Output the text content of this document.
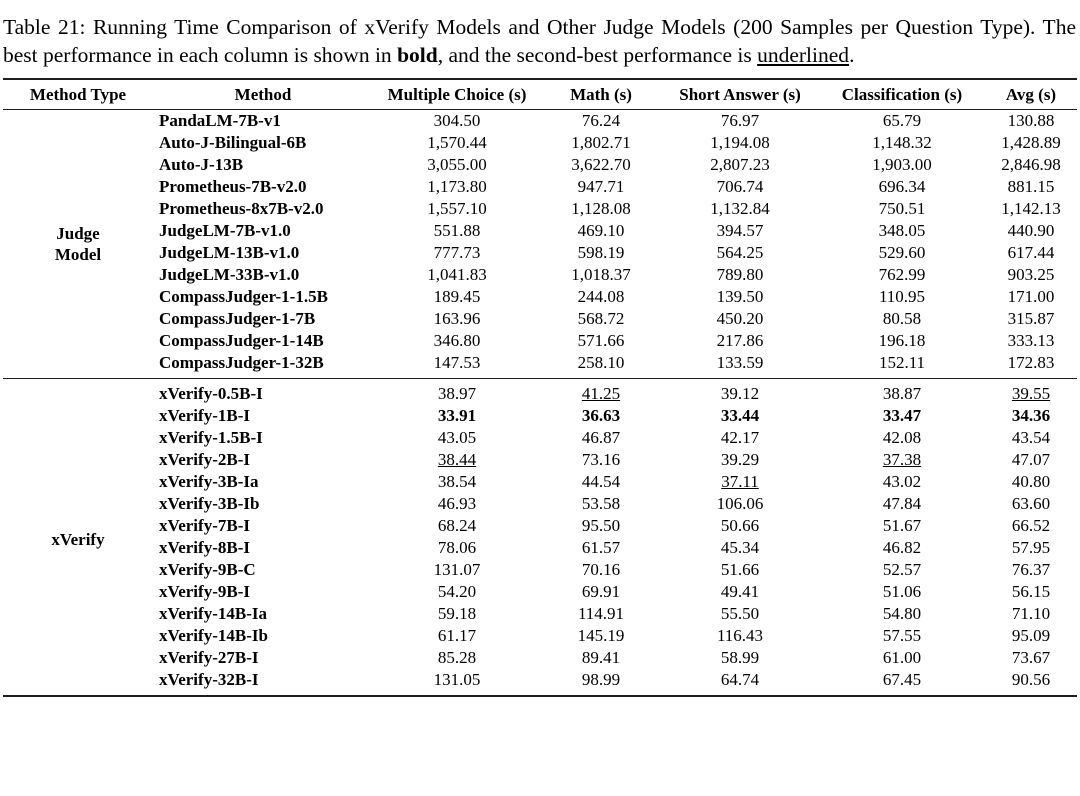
Table 21: Running Time Comparison of xVerify Models and Other Judge Models (200 Samples per Question Type). The best performance in each column is shown in bold, and the second-best performance is underlined.

Method Type	Method	Multiple Choice (s)	Math (s)	Short Answer (s)	Classification (s)	Avg (s)
Judge
Model	PandaLM-7B-v1	304.50	76.24	76.97	65.79	130.88
	Auto-J-Bilingual-6B	1,570.44	1,802.71	1,194.08	1,148.32	1,428.89
	Auto-J-13B	3,055.00	3,622.70	2,807.23	1,903.00	2,846.98
	Prometheus-7B-v2.0	1,173.80	947.71	706.74	696.34	881.15
	Prometheus-8x7B-v2.0	1,557.10	1,128.08	1,132.84	750.51	1,142.13
	JudgeLM-7B-v1.0	551.88	469.10	394.57	348.05	440.90
	JudgeLM-13B-v1.0	777.73	598.19	564.25	529.60	617.44
	JudgeLM-33B-v1.0	1,041.83	1,018.37	789.80	762.99	903.25
	CompassJudger-1-1.5B	189.45	244.08	139.50	110.95	171.00
	CompassJudger-1-7B	163.96	568.72	450.20	80.58	315.87
	CompassJudger-1-14B	346.80	571.66	217.86	196.18	333.13
	CompassJudger-1-32B	147.53	258.10	133.59	152.11	172.83
xVerify	xVerify-0.5B-I	38.97	41.25	39.12	38.87	39.55
	xVerify-1B-I	33.91	36.63	33.44	33.47	34.36
	xVerify-1.5B-I	43.05	46.87	42.17	42.08	43.54
	xVerify-2B-I	38.44	73.16	39.29	37.38	47.07
	xVerify-3B-Ia	38.54	44.54	37.11	43.02	40.80
	xVerify-3B-Ib	46.93	53.58	106.06	47.84	63.60
	xVerify-7B-I	68.24	95.50	50.66	51.67	66.52
	xVerify-8B-I	78.06	61.57	45.34	46.82	57.95
	xVerify-9B-C	131.07	70.16	51.66	52.57	76.37
	xVerify-9B-I	54.20	69.91	49.41	51.06	56.15
	xVerify-14B-Ia	59.18	114.91	55.50	54.80	71.10
	xVerify-14B-Ib	61.17	145.19	116.43	57.55	95.09
	xVerify-27B-I	85.28	89.41	58.99	61.00	73.67
	xVerify-32B-I	131.05	98.99	64.74	67.45	90.56
